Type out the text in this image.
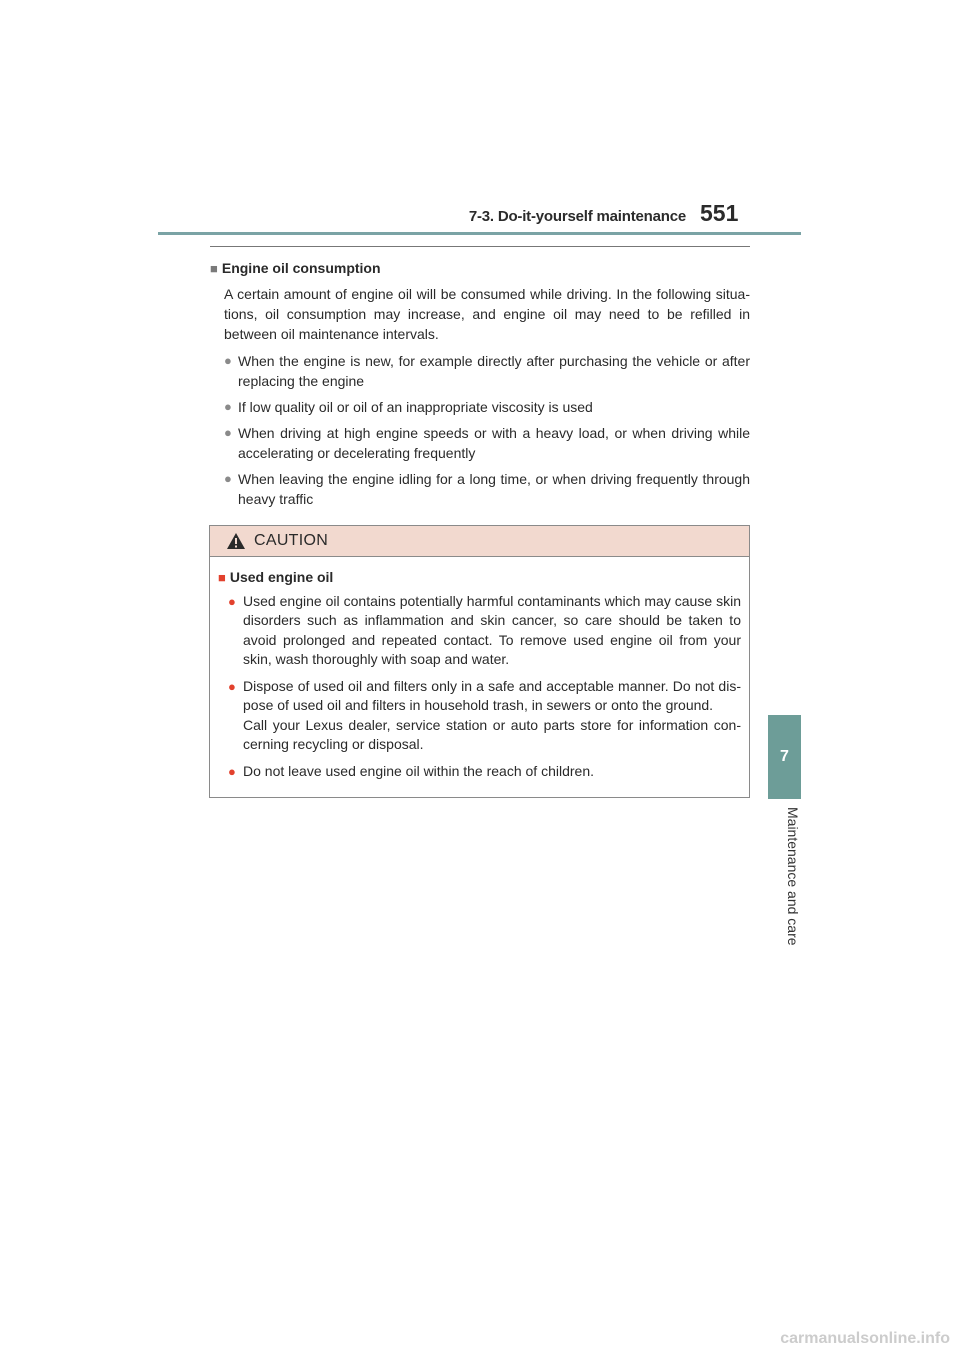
7-3. Do-it-yourself maintenance 551
7
Maintenance and care
■ Engine oil consumption
A certain amount of engine oil will be consumed while driving. In the following situa-tions, oil consumption may increase, and engine oil may need to be refilled in between oil maintenance intervals.
● When the engine is new, for example directly after purchasing the vehicle or after replacing the engine
● If low quality oil or oil of an inappropriate viscosity is used
● When driving at high engine speeds or with a heavy load, or when driving while accelerating or decelerating frequently
● When leaving the engine idling for a long time, or when driving frequently through heavy traffic
CAUTION
■ Used engine oil
● Used engine oil contains potentially harmful contaminants which may cause skin disorders such as inflammation and skin cancer, so care should be taken to avoid prolonged and repeated contact. To remove used engine oil from your skin, wash thoroughly with soap and water.
● Dispose of used oil and filters only in a safe and acceptable manner. Do not dis-pose of used oil and filters in household trash, in sewers or onto the ground.
Call your Lexus dealer, service station or auto parts store for information con-cerning recycling or disposal.
● Do not leave used engine oil within the reach of children.
carmanualsonline.info
